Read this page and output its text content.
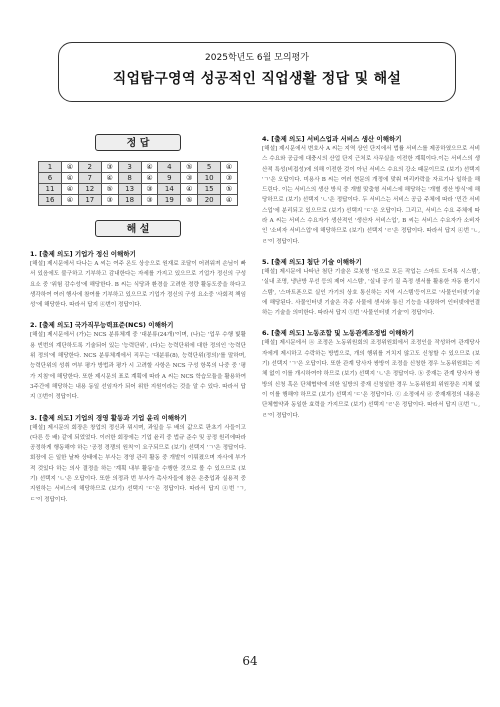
2025학년도 6월 모의평가
직업탐구영역 성공적인 직업생활 정답 및 해설
정 답
1	④	2	③	3	④	4	⑤	5	④
6	④	7	④	8	④	9	③	10	③
11	④	12	⑤	13	③	14	④	15	⑤
16	④	17	③	18	③	19	⑤	20	④
해 설
1. [출제 의도] 기업가 정신 이해하기
[해설] 제시문에서 다나는 A 씨는 여주 온도 상승으로 원재료 조달이 어려워져 손님이 빠서 있음에도 불구하고 기부하고 감내한다는 자세를 가지고 있으므로 기업가 정신의 구성 요소 중 '위험 감수성'에 해당한다. B 씨는 식당과 환경을 고려한 정량 활동도중을 하다고 생각하여 여러 행사에 참여를 기부하고 있으므로 기업가 정신의 구성 요소중 '사회적 책임성'에 해당한다. 따라서 답지 ④번이 정답이다.
2. [출제 의도] 국가직무능력표준(NCS) 이해하기
[해설] 제시문에서 (가)는 NCS 분류체계 중 '대분류(24개)'이며, (나)는 '업무 수행 빛활용 빈번의 계단하도록 기술되어 있는 '능력단위', (다)는 능력단위에 대한 정의인 '능력단위 정의'에 해당한다. NCS 분류체계에서 직무는 '대분류(8), 능력단위(정의)'를 말하며, 능력단위의 성취 여부 평가 방법과 평가 시 고려할 사항은 NCS 구성 항목의 나중 중 '평가 지침'에 해당한다. 또한 제시문의 표로 계획에 따라 A 씨는 NCS 학습모듈을 활용하여 3주간에 해당하는 내용 동일 선임자가 되어 위한 지원이라는 것을 알 수 있다. 따라서 답지 ③번이 정답이다.
3. [출제 의도] 기업의 경영 활동과 기업 윤리 이해하기
[해설] 제시문의 회장은 창업의 정신과 뭐시며, 과일을 두 배의 값으로 판초기 사들이고(다른 등 배) 같에 되었었다. 이러한 회장에는 기업 윤리 중 법규 준수 및 공정 원리에따라 공정하게 행동해야 하는 '공정 경쟁의 원칙'이 요구되므로 (보기) 선택지 'ㄱ'은 정답이다. 회장에 든 일한 날짜 상태에는 부사는 경영 관리 활동 중 개발이 이뤄졌으며 자사에 부가적 것있다 하는 의사 결정을 하는 '계획 내부 활동'을 수행한 것으로 볼 수 있으므로 (보기) 선택지 'ㄴ'은 오답이다. 또한 의정과 번 부사가 촉사자들에 참은 은충업과 실용적 중 지원하는 서비스에 해당하므로 (보기) 선택지 'ㄷ'은 정답이다. 따라서 답지 ④번 'ㄱ, ㄷ'이 정답이다.
4. [출제 의도] 서비스업과 서비스 생산 이해하기
[해설] 제시문에서 변호사 A 씨는 지역 상인 단지에서 법률 서비스를 제공하였으므로 서비스 수요와 공급에 대충시의 산업 단지 근처로 사무실을 이전한 계획이다.이는 서비스의 생산적 특성(비접성)에 의해 이전한 것이 아닌 서비스 수요의 강소 때문이므로 (보기) 선택지 'ㄱ'은 오답이다. 미용사 B 씨는 여러 현문의 개정에 맞춰 머리카락을 자르기나 일하을 해 드린다. 이는 서비스의 생산 방식 중 개별 맞춤형 서비스에 해당하는 '개별 생산 방식'에 해당하므로 (보기) 선택지 'ㄴ'은 정답이다. 두 서비스는 서비스 공급 주체에 따라 '민간 서비스업'에 분리되고 있으므로 (보기) 선택지 'ㄷ'은 오답이다. 그리고, 서비스 수요 주체에 따라 A 씨는 서비스 수요자가 생산적인 '생산자 서비스업', B 씨는 서비스 수요자가 소비자인 '소비자 서비스업'에 해당하므로 (보기) 선택지 'ㄹ'은 정답이다. 따라서 답지 ④번 'ㄴ, ㄹ'이 정답이다.
5. [출제 의도] 첨단 기술 이해하기
[해설] 제시문에 나타난 첨단 기술은 로봇형 '원으로 모든 작업는 스마트 도어록 시스템', '실내 조명, 냉난방 무선 등의 제어 시스템', '실내 공기 질 측정 센서를 활용한 자동 환기시스템', '스마트폰으로 실인 가기의 상호 통신하는 지역 시스템'등이므로 '사물인터넷'기술에 해당된다. 사물인터넷 기술은 각종 사물에 센서와 통신 기능을 내장하여 인터넷에연결하는 기술을 의미한다. 따라서 답지 ⑤번 '사물인터넷 기술'이 정답이다.
6. [출제 의도] 노동조합 및 노동관계조정법 이해하기
[해설] 제시문에서 ⓐ 조정은 노동위원회의 조정위원회에서 조정인을 작성하여 관계당사자에게 제시하고 수락하는 방법으로, 개의 행위를 거치지 않고도 신청할 수 있으므로 (보기) 선택지 'ㄱ'은 오답이다. 또한 관계 당사자 쌍방이 조정을 신청한 경우 노동위원회는 지체 없이 이를 개시하여야 하므로 (보기) 선택지 'ㄴ'은 정답이다. ⓑ 중재는 관계 당사자 쌍방의 신청 혹은 단체협약에 의한 일방의 중재 신청일한 경우 노동위원회 위원장은 지체 없이 이를 행해야 하므로 (보기) 선택지 'ㄷ'은 정답이다. ⓒ 소정에서 ⓓ 중재재정의 내용은 단체협약과 동일한 효력을 가지므로 (보기) 선택지 'ㄹ'은 정답이다. 따라서 답지 ④번 'ㄴ, ㄹ'이 정답이다.
64
